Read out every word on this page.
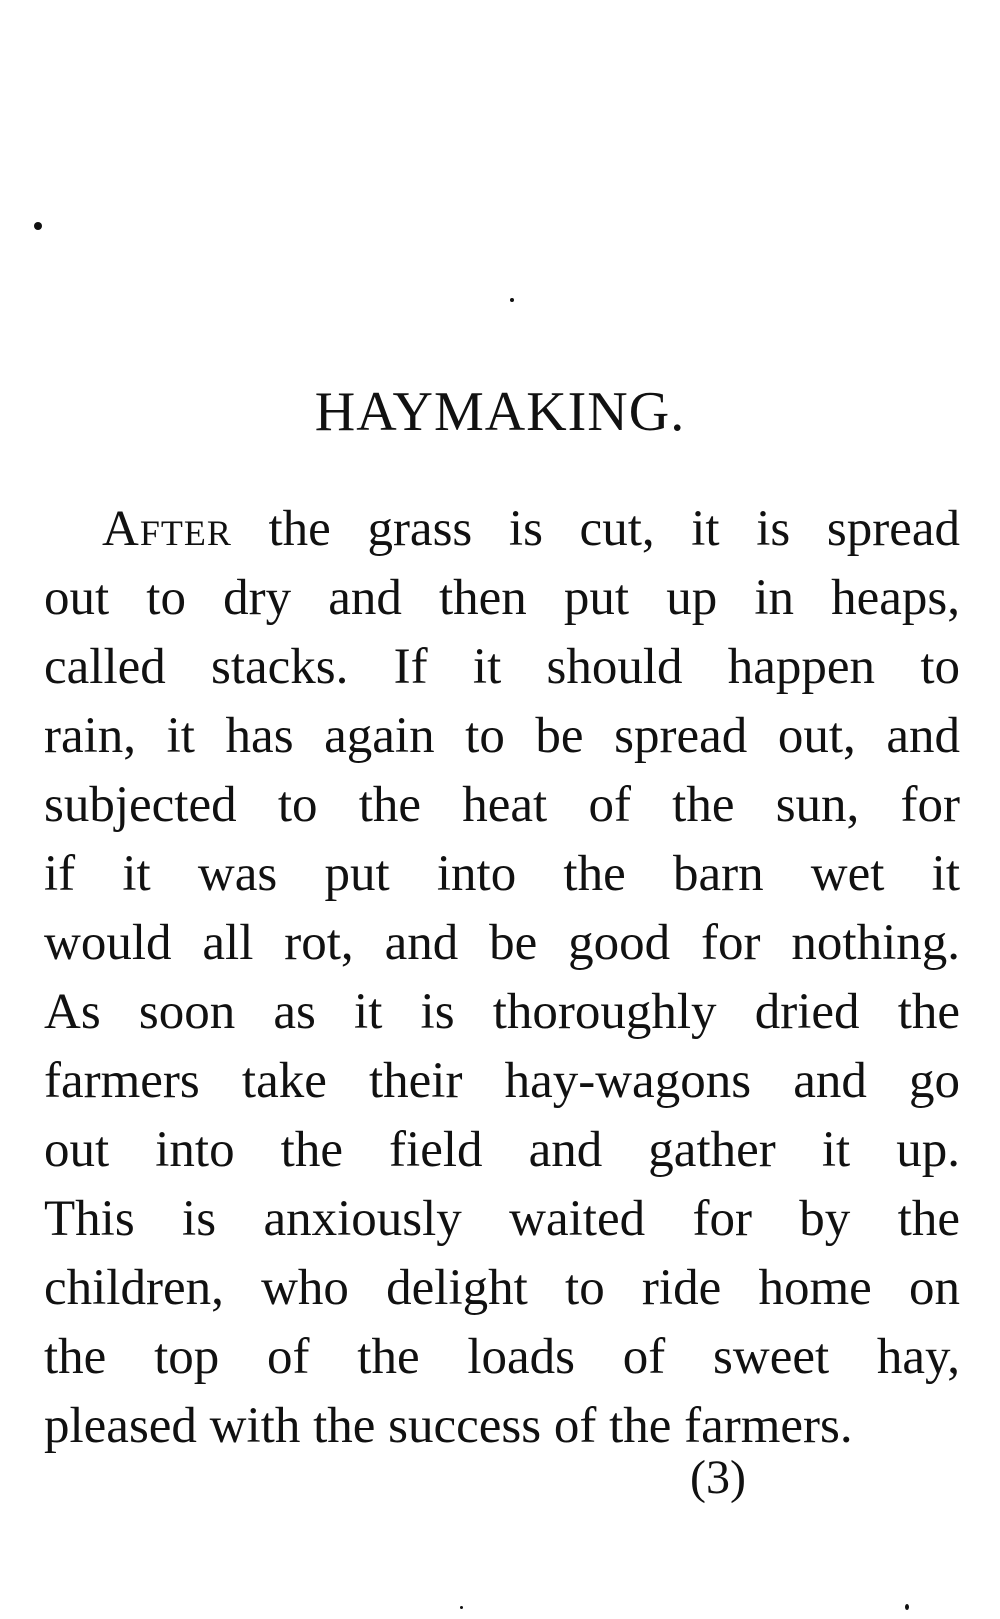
HAYMAKING.
After the grass is cut, it is spread
out to dry and then put up in heaps,
called stacks. If it should happen to
rain, it has again to be spread out, and
subjected to the heat of the sun, for
if it was put into the barn wet it
would all rot, and be good for nothing.
As soon as it is thoroughly dried the
farmers take their hay-wagons and go
out into the field and gather it up.
This is anxiously waited for by the
children, who delight to ride home on
the top of the loads of sweet hay,
pleased with the success of the farmers.
(3)
